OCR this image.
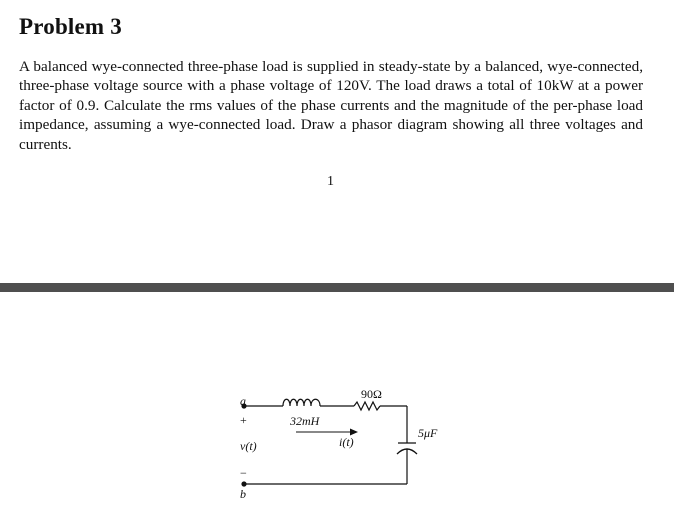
Problem 3
A balanced wye-connected three-phase load is supplied in steady-state by a balanced, wye-connected, three-phase voltage source with a phase voltage of 120V. The load draws a total of 10kW at a power factor of 0.9. Calculate the rms values of the phase currents and the magnitude of the per-phase load impedance, assuming a wye-connected load. Draw a phasor diagram showing all three voltages and currents.
1
a
+
v(t)
−
b
32mH
90Ω
5μF
i(t)
